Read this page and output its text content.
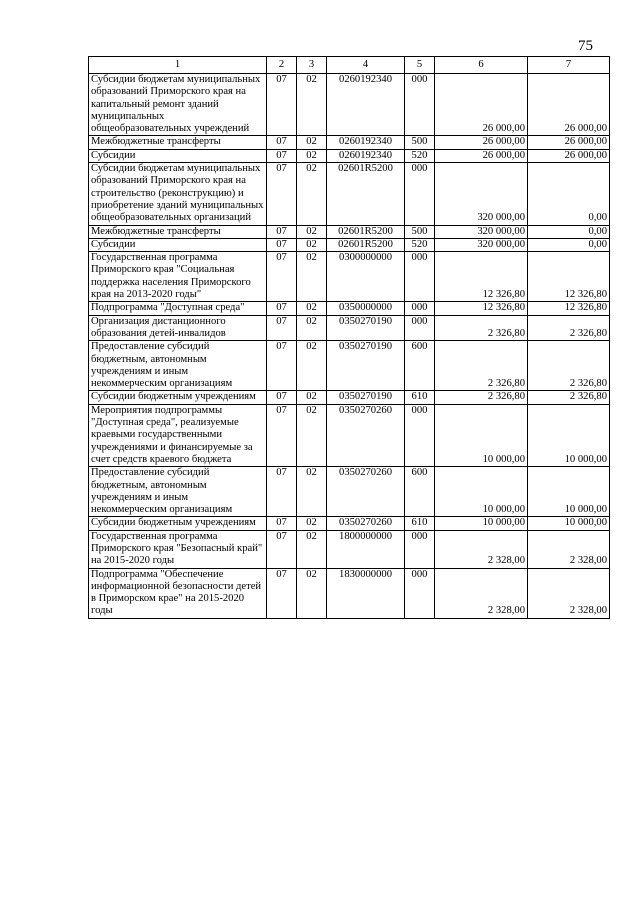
75
1	2	3	4	5	6	7
Субсидии бюджетам муниципальных образований Приморского края на капитальный ремонт зданий муниципальных общеобразовательных учреждений	07	02	0260192340	000	26 000,00	26 000,00
Межбюджетные трансферты	07	02	0260192340	500	26 000,00	26 000,00
Субсидии	07	02	0260192340	520	26 000,00	26 000,00
Субсидии бюджетам муниципальных образований Приморского края на строительство (реконструкцию) и приобретение зданий муниципальных общеобразовательных организаций	07	02	02601R5200	000	320 000,00	0,00
Межбюджетные трансферты	07	02	02601R5200	500	320 000,00	0,00
Субсидии	07	02	02601R5200	520	320 000,00	0,00
Государственная программа Приморского края "Социальная поддержка населения Приморского края на 2013-2020 годы"	07	02	0300000000	000	12 326,80	12 326,80
Подпрограмма "Доступная среда"	07	02	0350000000	000	12 326,80	12 326,80
Организация дистанционного образования детей-инвалидов	07	02	0350270190	000	2 326,80	2 326,80
Предоставление субсидий бюджетным, автономным учреждениям и иным некоммерческим организациям	07	02	0350270190	600	2 326,80	2 326,80
Субсидии бюджетным учреждениям	07	02	0350270190	610	2 326,80	2 326,80
Мероприятия подпрограммы "Доступная среда", реализуемые краевыми государственными учреждениями и финансируемые за счет средств краевого бюджета	07	02	0350270260	000	10 000,00	10 000,00
Предоставление субсидий бюджетным, автономным учреждениям и иным некоммерческим организациям	07	02	0350270260	600	10 000,00	10 000,00
Субсидии бюджетным учреждениям	07	02	0350270260	610	10 000,00	10 000,00
Государственная программа Приморского края "Безопасный край" на 2015-2020 годы	07	02	1800000000	000	2 328,00	2 328,00
Подпрограмма "Обеспечение информационной безопасности детей в Приморском крае" на 2015-2020 годы	07	02	1830000000	000	2 328,00	2 328,00
